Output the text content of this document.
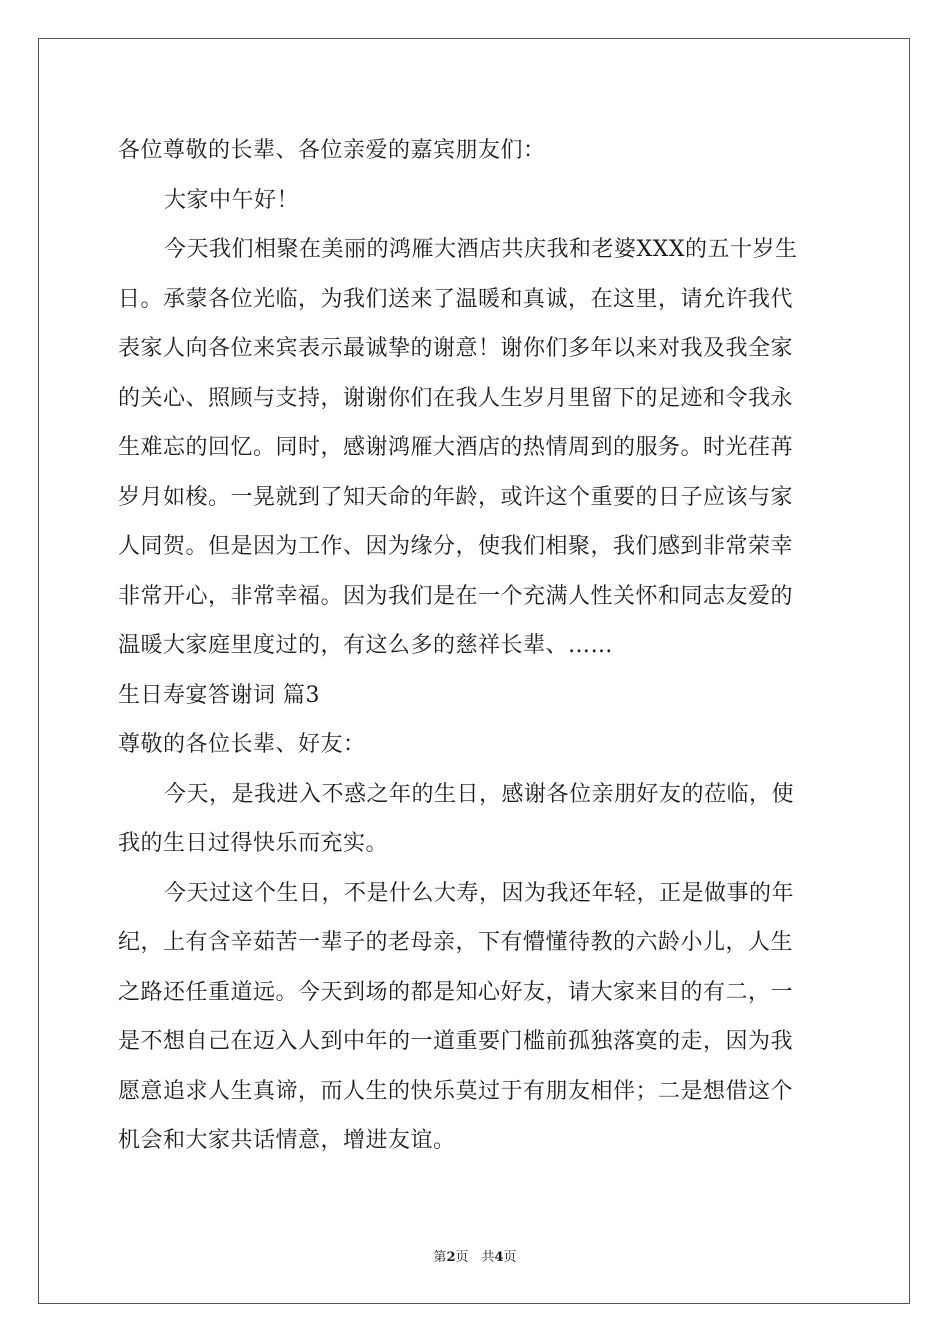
各位尊敬的长辈、各位亲爱的嘉宾朋友们：
大家中午好！
今天我们相聚在美丽的鸿雁大酒店共庆我和老婆XXX的五十岁生
日。承蒙各位光临，为我们送来了温暖和真诚，在这里，请允许我代
表家人向各位来宾表示最诚挚的谢意！谢你们多年以来对我及我全家
的关心、照顾与支持，谢谢你们在我人生岁月里留下的足迹和令我永
生难忘的回忆。同时，感谢鸿雁大酒店的热情周到的服务。时光荏苒
岁月如梭。一晃就到了知天命的年龄，或许这个重要的日子应该与家
人同贺。但是因为工作、因为缘分，使我们相聚，我们感到非常荣幸
非常开心，非常幸福。因为我们是在一个充满人性关怀和同志友爱的
温暖大家庭里度过的，有这么多的慈祥长辈、……
生日寿宴答谢词 篇3
尊敬的各位长辈、好友：
今天，是我进入不惑之年的生日，感谢各位亲朋好友的莅临，使
我的生日过得快乐而充实。
今天过这个生日，不是什么大寿，因为我还年轻，正是做事的年
纪，上有含辛茹苦一辈子的老母亲，下有懵懂待教的六龄小儿，人生
之路还任重道远。今天到场的都是知心好友，请大家来目的有二，一
是不想自己在迈入人到中年的一道重要门槛前孤独落寞的走，因为我
愿意追求人生真谛，而人生的快乐莫过于有朋友相伴；二是想借这个
机会和大家共话情意，增进友谊。
第2页　共4页
